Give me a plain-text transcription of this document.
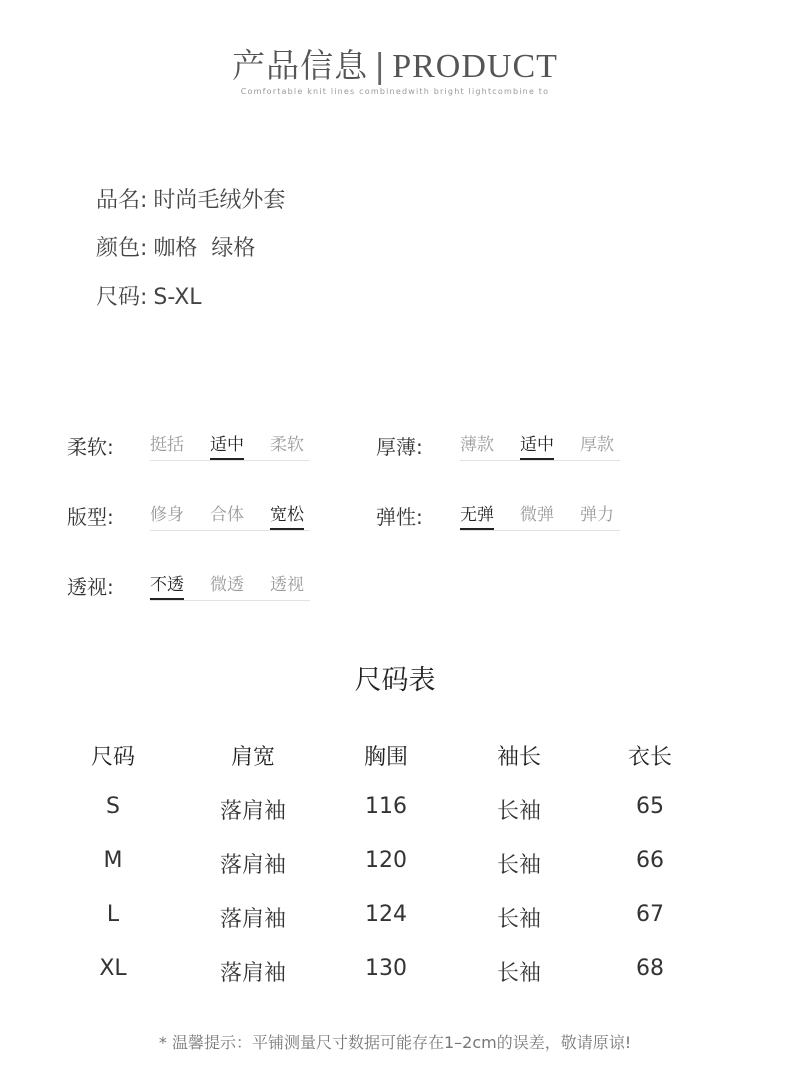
产品信息 | PRODUCT
Comfortable knit lines combinedwith bright lightcombine to
品名: 时尚毛绒外套
颜色: 咖格  绿格
尺码: S-XL
柔软: 挺括 适中 柔软	厚薄: 薄款 适中 厚款
版型: 修身 合体 宽松	弹性: 无弹 微弹 弹力
透视: 不透 微透 透视
尺码表
尺码	肩宽	胸围	袖长	衣长
S	落肩袖	116	长袖	65
M	落肩袖	120	长袖	66
L	落肩袖	124	长袖	67
XL	落肩袖	130	长袖	68
* 温馨提示：平铺测量尺寸数据可能存在1–2cm的误差，敬请原谅!
